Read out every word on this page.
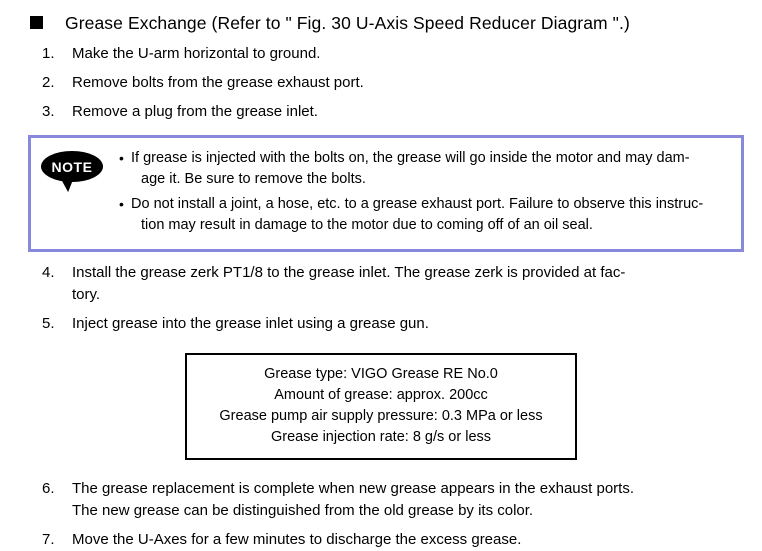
Grease Exchange (Refer to " Fig. 30 U-Axis Speed Reducer Diagram ".)
1.	Make the U-arm horizontal to ground.
2.	Remove bolts from the grease exhaust port.
3.	Remove a plug from the grease inlet.
NOTE
• If grease is injected with the bolts on, the grease will go inside the motor and may dam-
age it. Be sure to remove the bolts.
• Do not install a joint, a hose, etc. to a grease exhaust port. Failure to observe this instruc-
tion may result in damage to the motor due to coming off of an oil seal.
4.	Install the grease zerk PT1/8 to the grease inlet. The grease zerk is provided at fac-
tory.
5.	Inject grease into the grease inlet using a grease gun.
Grease type: VIGO Grease RE No.0
Amount of grease: approx. 200cc
Grease pump air supply pressure: 0.3 MPa or less
Grease injection rate: 8 g/s or less
6.	The grease replacement is complete when new grease appears in the exhaust ports.
The new grease can be distinguished from the old grease by its color.
7.	Move the U-Axes for a few minutes to discharge the excess grease.
